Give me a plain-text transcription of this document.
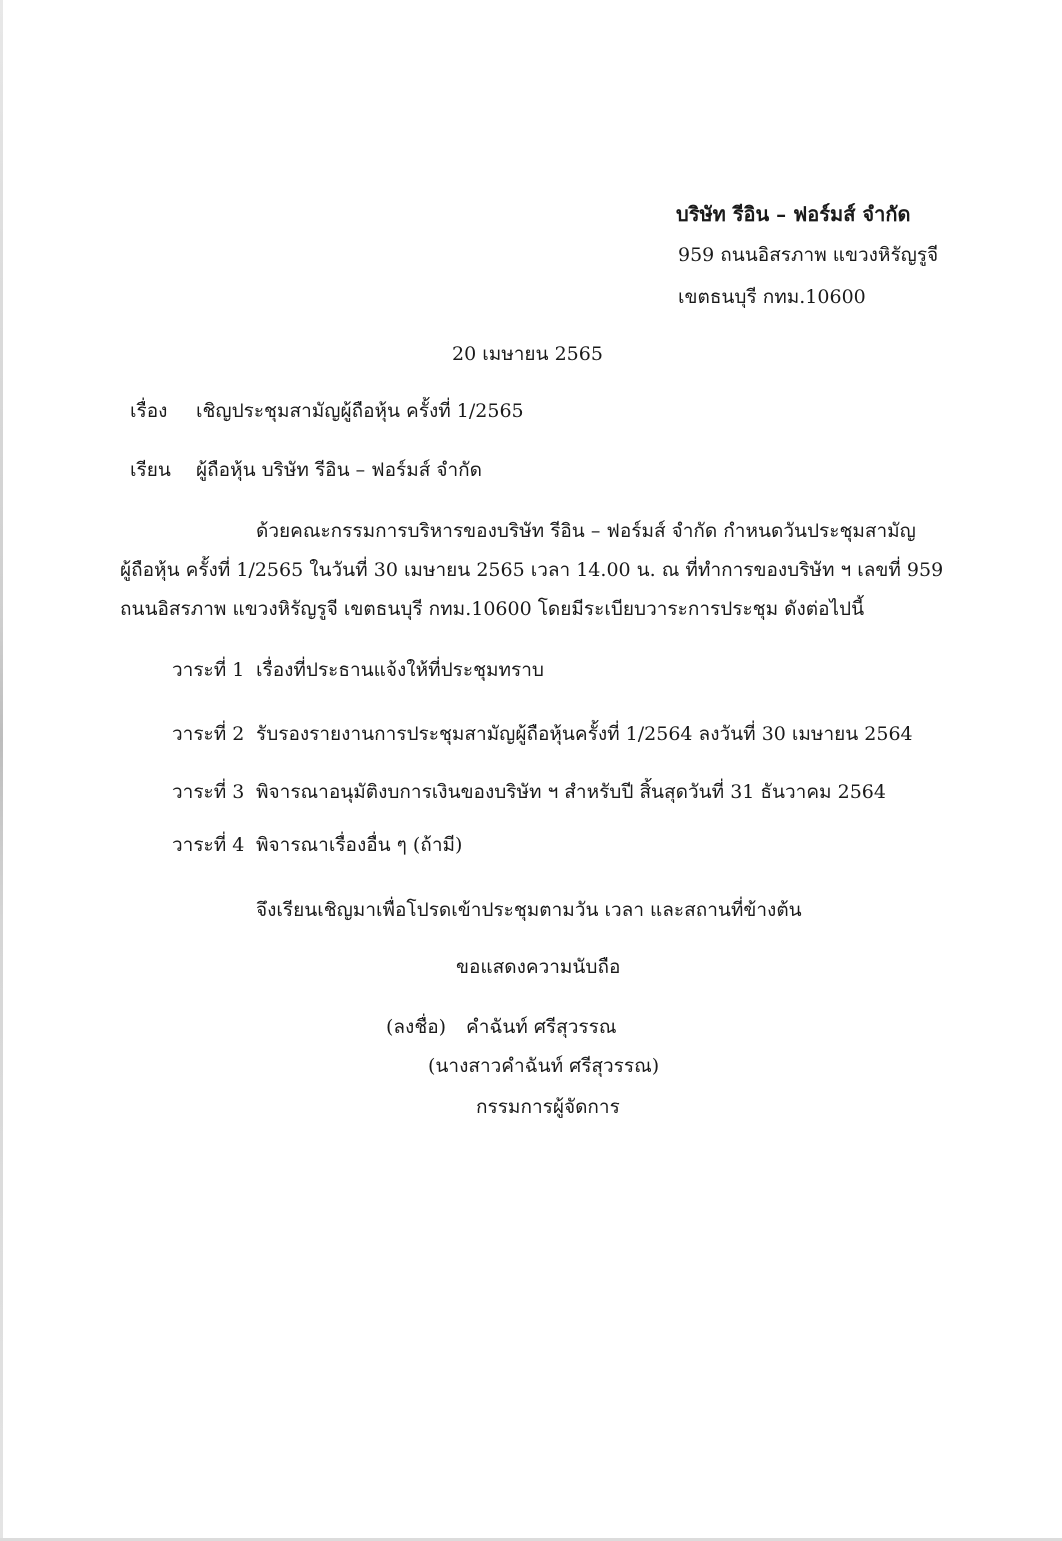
บริษัท รีอิน – ฟอร์มส์ จำกัด
959 ถนนอิสรภาพ แขวงหิรัญรูจี
เขตธนบุรี กทม.10600
20 เมษายน 2565
เรื่อง เชิญประชุมสามัญผู้ถือหุ้น ครั้งที่ 1/2565
เรียน ผู้ถือหุ้น บริษัท รีอิน – ฟอร์มส์ จำกัด
ด้วยคณะกรรมการบริหารของบริษัท รีอิน – ฟอร์มส์ จำกัด กำหนดวันประชุมสามัญ
ผู้ถือหุ้น ครั้งที่ 1/2565 ในวันที่ 30 เมษายน 2565 เวลา 14.00 น. ณ ที่ทำการของบริษัท ฯ เลขที่ 959
ถนนอิสรภาพ แขวงหิรัญรูจี เขตธนบุรี กทม.10600 โดยมีระเบียบวาระการประชุม ดังต่อไปนี้
วาระที่ 1 เรื่องที่ประธานแจ้งให้ที่ประชุมทราบ
วาระที่ 2 รับรองรายงานการประชุมสามัญผู้ถือหุ้นครั้งที่ 1/2564 ลงวันที่ 30 เมษายน 2564
วาระที่ 3 พิจารณาอนุมัติงบการเงินของบริษัท ฯ สำหรับปี สิ้นสุดวันที่ 31 ธันวาคม 2564
วาระที่ 4 พิจารณาเรื่องอื่น ๆ (ถ้ามี)
จึงเรียนเชิญมาเพื่อโปรดเข้าประชุมตามวัน เวลา และสถานที่ข้างต้น
ขอแสดงความนับถือ
(ลงชื่อ) คำฉันท์ ศรีสุวรรณ
(นางสาวคำฉันท์ ศรีสุวรรณ)
กรรมการผู้จัดการ
